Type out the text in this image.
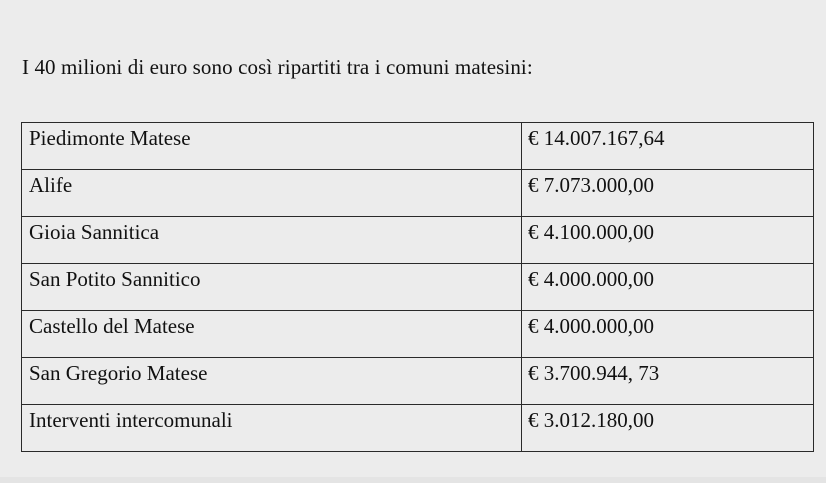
I 40 milioni di euro sono così ripartiti tra i comuni matesini:

Piedimonte Matese	€ 14.007.167,64
Alife	€ 7.073.000,00
Gioia Sannitica	€ 4.100.000,00
San Potito Sannitico	€ 4.000.000,00
Castello del Matese	€ 4.000.000,00
San Gregorio Matese	€ 3.700.944, 73
Interventi intercomunali	€ 3.012.180,00
